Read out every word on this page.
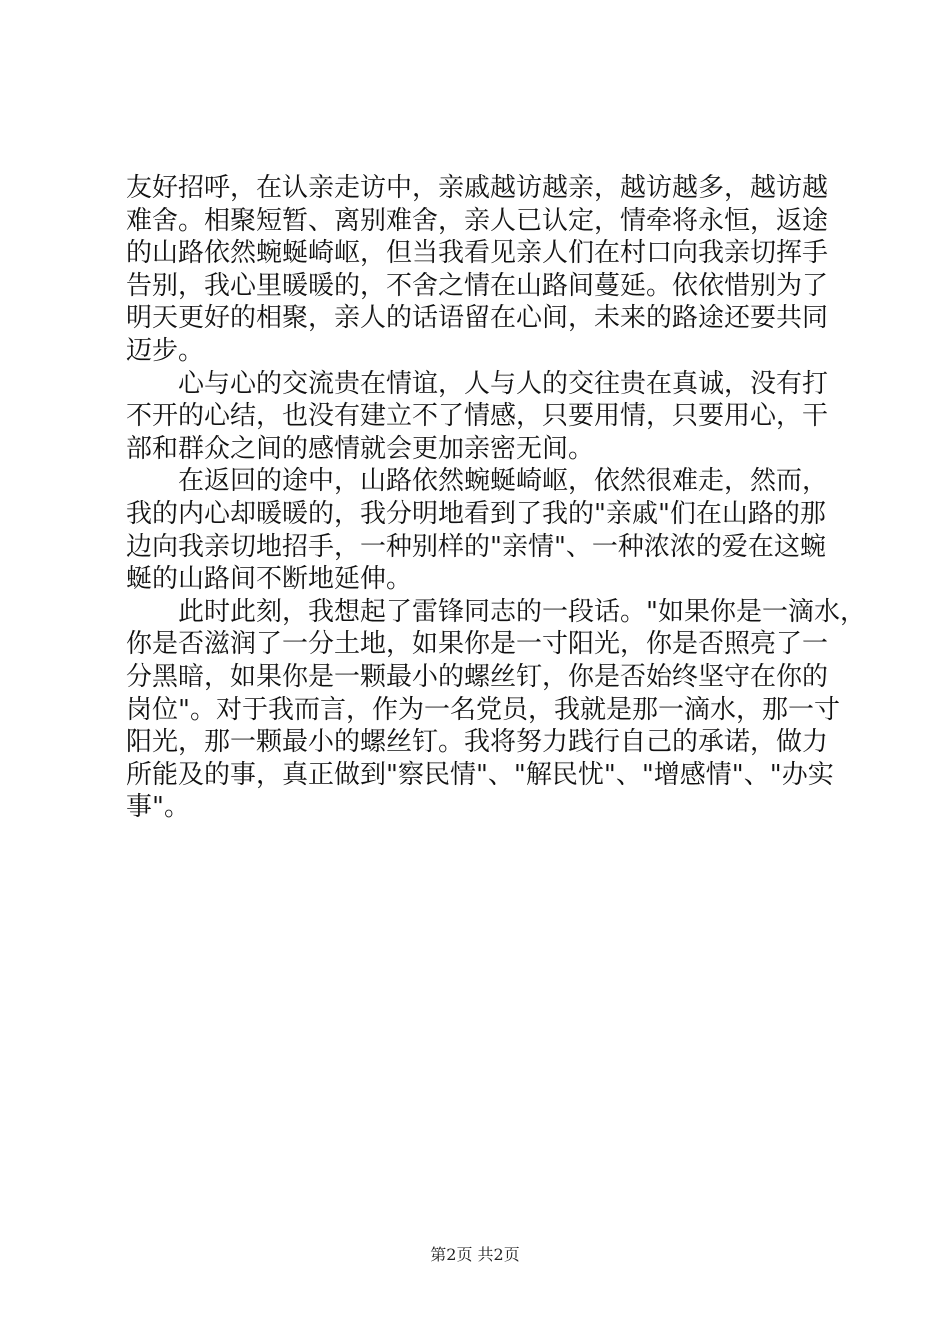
友好招呼，在认亲走访中，亲戚越访越亲，越访越多，越访越
难舍。相聚短暂、离别难舍，亲人已认定，情牵将永恒，返途
的山路依然蜿蜒崎岖，但当我看见亲人们在村口向我亲切挥手
告别，我心里暖暖的，不舍之情在山路间蔓延。依依惜别为了
明天更好的相聚，亲人的话语留在心间，未来的路途还要共同
迈步。
心与心的交流贵在情谊，人与人的交往贵在真诚，没有打
不开的心结，也没有建立不了情感，只要用情，只要用心，干
部和群众之间的感情就会更加亲密无间。
在返回的途中，山路依然蜿蜒崎岖，依然很难走，然而，
我的内心却暖暖的，我分明地看到了我的"亲戚"们在山路的那
边向我亲切地招手，一种别样的"亲情"、一种浓浓的爱在这蜿
蜒的山路间不断地延伸。
此时此刻，我想起了雷锋同志的一段话。"如果你是一滴水，
你是否滋润了一分土地，如果你是一寸阳光，你是否照亮了一
分黑暗，如果你是一颗最小的螺丝钉，你是否始终坚守在你的
岗位"。对于我而言，作为一名党员，我就是那一滴水，那一寸
阳光，那一颗最小的螺丝钉。我将努力践行自己的承诺，做力
所能及的事，真正做到"察民情"、"解民忧"、"增感情"、"办实
事"。
第2页 共2页
